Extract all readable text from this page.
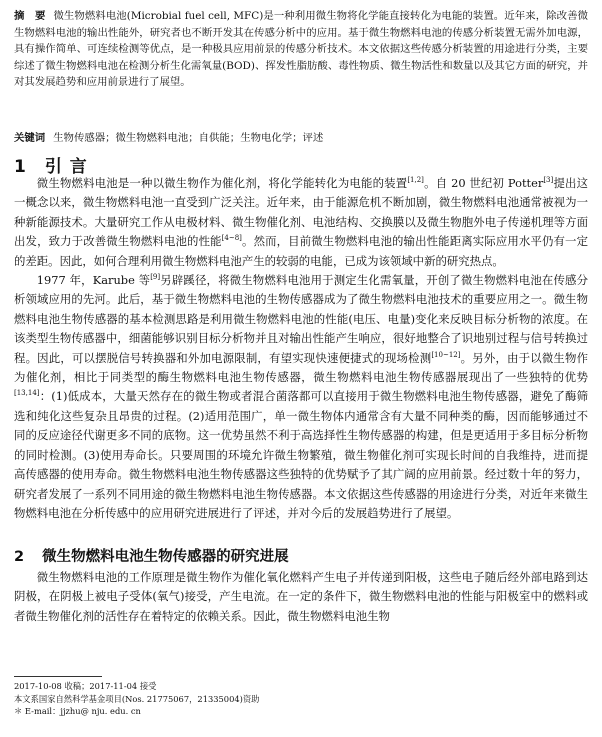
摘　要 微生物燃料电池(Microbial fuel cell, MFC)是一种利用微生物将化学能直接转化为电能的装置。近年来，除改善微生物燃料电池的输出性能外，研究者也不断开发其在传感分析中的应用。基于微生物燃料电池的传感分析装置无需外加电源，具有操作简单、可连续检测等优点，是一种极具应用前景的传感分析技术。本文依据这些传感分析装置的用途进行分类，主要综述了微生物燃料电池在检测分析生化需氧量(BOD)、挥发性脂肪酸、毒性物质、微生物活性和数量以及其它方面的研究，并对其发展趋势和应用前景进行了展望。
关键词 生物传感器；微生物燃料电池；自供能；生物电化学；评述
1 引 言

微生物燃料电池是一种以微生物作为催化剂，将化学能转化为电能的装置[1,2]。自 20 世纪初 Potter[3]提出这一概念以来，微生物燃料电池一直受到广泛关注。近年来，由于能源危机不断加剧，微生物燃料电池通常被视为一种新能源技术。大量研究工作从电极材料、微生物催化剂、电池结构、交换膜以及微生物胞外电子传递机理等方面出发，致力于改善微生物燃料电池的性能[4~8]。然而，目前微生物燃料电池的输出性能距离实际应用水平仍有一定的差距。因此，如何合理利用微生物燃料电池产生的较弱的电能，已成为该领域中新的研究热点。

1977 年，Karube 等[9]另辟蹊径，将微生物燃料电池用于测定生化需氧量，开创了微生物燃料电池在传感分析领域应用的先河。此后，基于微生物燃料电池的生物传感器成为了微生物燃料电池技术的重要应用之一。微生物燃料电池生物传感器的基本检测思路是利用微生物燃料电池的性能(电压、电量)变化来反映目标分析物的浓度。在该类型生物传感器中，细菌能够识别目标分析物并且对输出性能产生响应，很好地整合了识地别过程与信号转换过程。因此，可以摆脱信号转换器和外加电源限制，有望实现快速便捷式的现场检测[10~12]。另外，由于以微生物作为催化剂，相比于同类型的酶生物燃料电池生物传感器，微生物燃料电池生物传感器展现出了一些独特的优势[13,14]：(1)低成本，大量天然存在的微生物或者混合菌落都可以直接用于微生物燃料电池生物传感器，避免了酶筛选和纯化这些复杂且昂贵的过程。(2)适用范围广，单一微生物体内通常含有大量不同种类的酶，因而能够通过不同的反应途径代谢更多不同的底物。这一优势虽然不利于高选择性生物传感器的构建，但是更适用于多目标分析物的同时检测。(3)使用寿命长。只要周围的环境允许微生物繁殖，微生物催化剂可实现长时间的自我维持，进而提高传感器的使用寿命。微生物燃料电池生物传感器这些独特的优势赋予了其广阔的应用前景。经过数十年的努力，研究者发展了一系列不同用途的微生物燃料电池生物传感器。本文依据这些传感器的用途进行分类，对近年来微生物燃料电池在分析传感中的应用研究进展进行了评述，并对今后的发展趋势进行了展望。

2 微生物燃料电池生物传感器的研究进展

微生物燃料电池的工作原理是微生物作为催化氧化燃料产生电子并传递到阳极，这些电子随后经外部电路到达阴极，在阴极上被电子受体(氧气)接受，产生电流。在一定的条件下，微生物燃料电池的性能与阳极室中的燃料或者微生物催化剂的活性存在着特定的依赖关系。因此，微生物燃料电池生物

2017-10-08 收稿；2017-11-04 接受
本文系国家自然科学基金项目(Nos. 21775067，21335004)资助
＊ E-mail：jjzhu@ nju. edu. cn
